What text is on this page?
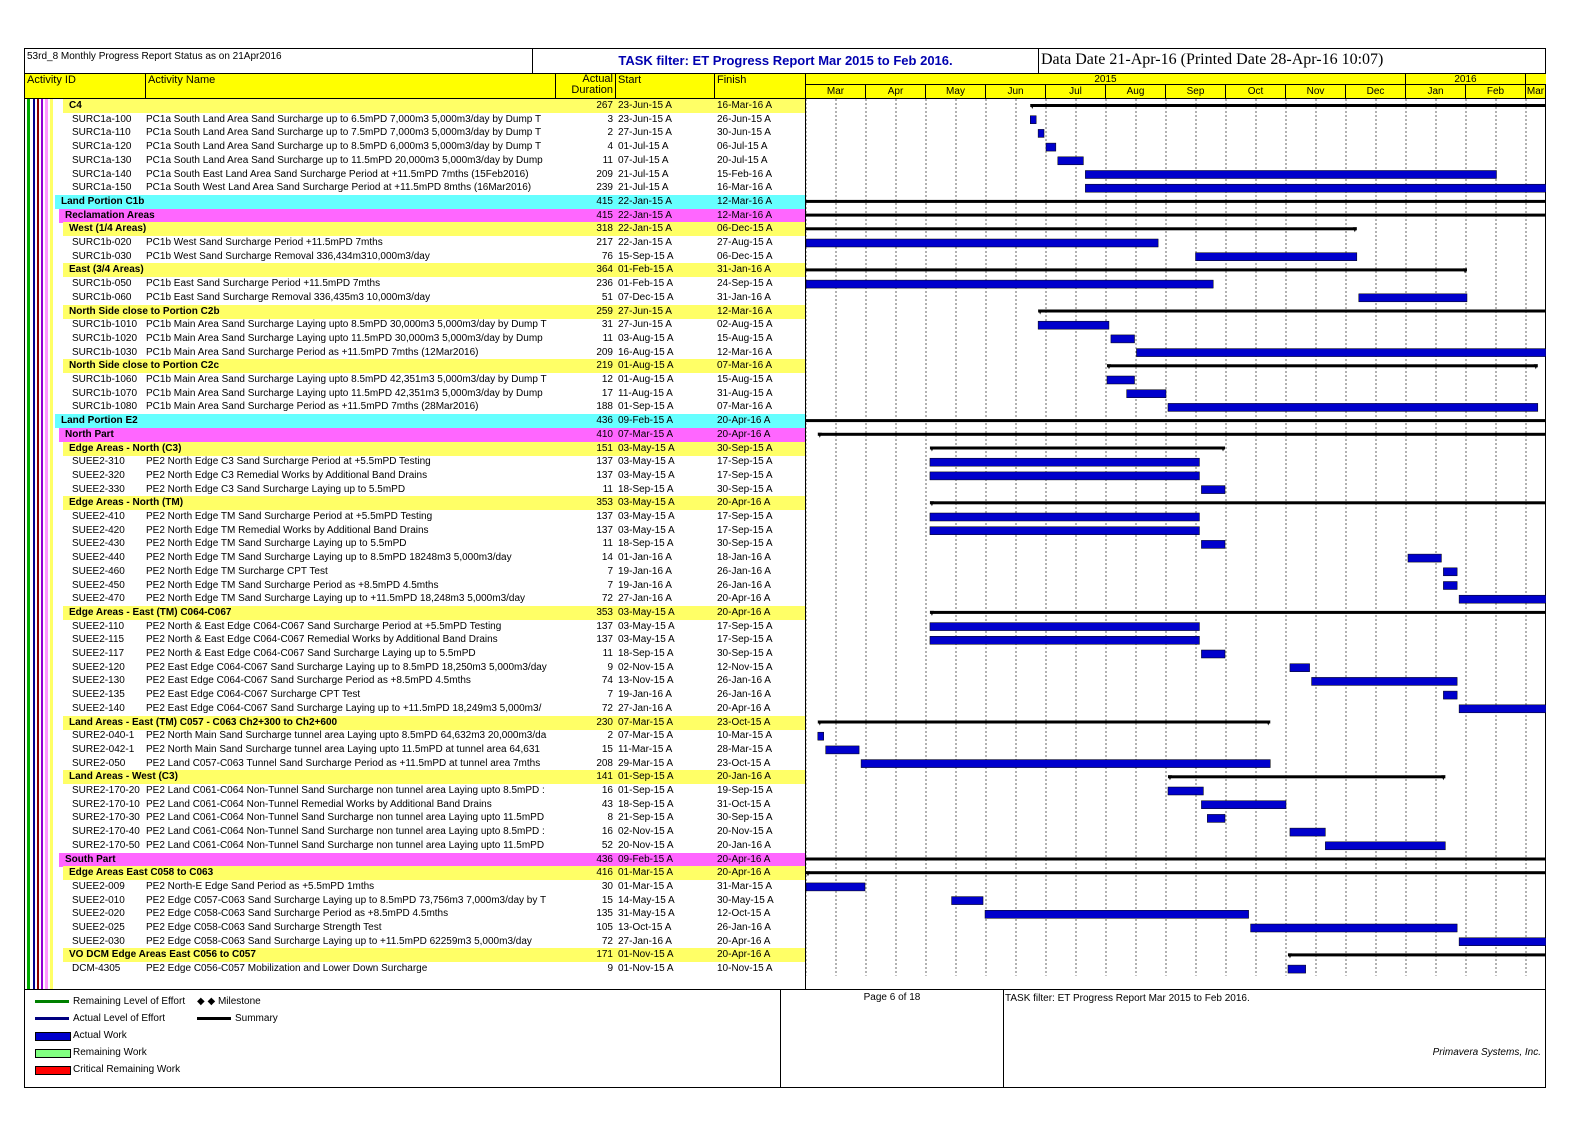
53rd_8 Monthly Progress Report Status as on 21Apr2016	TASK filter: ET Progress Report Mar 2015 to Feb 2016.	Data Date 21-Apr-16 (Printed Date 28-Apr-16 10:07)
Activity ID	Activity Name	Actual
Duration
Start	Finish	2015	2016
Mar	Apr	May	Jun	Jul	Aug	Sep	Oct	Nov	Dec	Jan	Feb	Mar
C4	267 23-Jun-15 A	16-Mar-16 A
SURC1a-100	PC1a South Land Area Sand Surcharge up to 6.5mPD 7,000m3 5,000m3/day by Dump T	3 23-Jun-15 A	26-Jun-15 A
SURC1a-110	PC1a South Land Area Sand Surcharge up to 7.5mPD 7,000m3 5,000m3/day by Dump T	2 27-Jun-15 A	30-Jun-15 A
SURC1a-120	PC1a South Land Area Sand Surcharge up to 8.5mPD 6,000m3 5,000m3/day by Dump T	4 01-Jul-15 A	06-Jul-15 A
SURC1a-130	PC1a South Land Area Sand Surcharge up to 11.5mPD 20,000m3 5,000m3/day by Dump	11 07-Jul-15 A	20-Jul-15 A
SURC1a-140	PC1a South East Land Area Sand Surcharge Period at +11.5mPD 7mths (15Feb2016)	209 21-Jul-15 A	15-Feb-16 A
SURC1a-150	PC1a South West Land Area Sand Surcharge Period at +11.5mPD 8mths (16Mar2016)	239 21-Jul-15 A	16-Mar-16 A
Land Portion C1b	415 22-Jan-15 A	12-Mar-16 A
Reclamation Areas	415 22-Jan-15 A	12-Mar-16 A
West (1/4 Areas)	318 22-Jan-15 A	06-Dec-15 A
SURC1b-020	PC1b West Sand Surcharge Period +11.5mPD 7mths	217 22-Jan-15 A	27-Aug-15 A
SURC1b-030	PC1b West Sand Surcharge Removal 336,434m310,000m3/day	76 15-Sep-15 A	06-Dec-15 A
East (3/4 Areas)	364 01-Feb-15 A	31-Jan-16 A
SURC1b-050	PC1b East Sand Surcharge Period +11.5mPD 7mths	236 01-Feb-15 A	24-Sep-15 A
SURC1b-060	PC1b East Sand Surcharge Removal 336,435m3 10,000m3/day	51 07-Dec-15 A	31-Jan-16 A
North Side close to Portion C2b	259 27-Jun-15 A	12-Mar-16 A
SURC1b-1010 PC1b Main Area Sand Surcharge Laying upto 8.5mPD 30,000m3 5,000m3/day by Dump T	31 27-Jun-15 A	02-Aug-15 A
SURC1b-1020 PC1b Main Area Sand Surcharge Laying upto 11.5mPD 30,000m3 5,000m3/day by Dump	11 03-Aug-15 A	15-Aug-15 A
SURC1b-1030 PC1b Main Area Sand Surcharge Period as +11.5mPD 7mths (12Mar2016)	209 16-Aug-15 A	12-Mar-16 A
North Side close to Portion C2c	219 01-Aug-15 A	07-Mar-16 A
SURC1b-1060 PC1b Main Area Sand Surcharge Laying upto 8.5mPD 42,351m3 5,000m3/day by Dump T	12 01-Aug-15 A	15-Aug-15 A
SURC1b-1070 PC1b Main Area Sand Surcharge Laying upto 11.5mPD 42,351m3 5,000m3/day by Dump	17 11-Aug-15 A	31-Aug-15 A
SURC1b-1080 PC1b Main Area Sand Surcharge Period as +11.5mPD 7mths (28Mar2016)	188 01-Sep-15 A	07-Mar-16 A
Land Portion E2	436 09-Feb-15 A	20-Apr-16 A
North Part	410 07-Mar-15 A	20-Apr-16 A
Edge Areas - North (C3)	151 03-May-15 A	30-Sep-15 A
SUEE2-310	PE2 North Edge C3 Sand Surcharge Period at +5.5mPD Testing	137 03-May-15 A	17-Sep-15 A
SUEE2-320	PE2 North Edge C3 Remedial Works by Additional Band Drains	137 03-May-15 A	17-Sep-15 A
SUEE2-330	PE2 North Edge C3 Sand Surcharge Laying up to 5.5mPD	11 18-Sep-15 A	30-Sep-15 A
Edge Areas - North (TM)	353 03-May-15 A	20-Apr-16 A
SUEE2-410	PE2 North Edge TM Sand Surcharge Period at +5.5mPD Testing	137 03-May-15 A	17-Sep-15 A
SUEE2-420	PE2 North Edge TM Remedial Works by Additional Band Drains	137 03-May-15 A	17-Sep-15 A
SUEE2-430	PE2 North Edge TM Sand Surcharge Laying up to 5.5mPD	11 18-Sep-15 A	30-Sep-15 A
SUEE2-440	PE2 North Edge TM Sand Surcharge Laying up to 8.5mPD 18248m3 5,000m3/day	14 01-Jan-16 A	18-Jan-16 A
SUEE2-460	PE2 North Edge TM Surcharge CPT Test	7 19-Jan-16 A	26-Jan-16 A
SUEE2-450	PE2 North Edge TM Sand Surcharge Period as +8.5mPD 4.5mths	7 19-Jan-16 A	26-Jan-16 A
SUEE2-470	PE2 North Edge TM Sand Surcharge Laying up to +11.5mPD 18,248m3 5,000m3/day	72 27-Jan-16 A	20-Apr-16 A
Edge Areas - East (TM) C064-C067	353 03-May-15 A	20-Apr-16 A
SUEE2-110	PE2 North & East Edge C064-C067 Sand Surcharge Period at +5.5mPD Testing	137 03-May-15 A	17-Sep-15 A
SUEE2-115	PE2 North & East Edge C064-C067 Remedial Works by Additional Band Drains	137 03-May-15 A	17-Sep-15 A
SUEE2-117	PE2 North & East Edge C064-C067 Sand Surcharge Laying up to 5.5mPD	11 18-Sep-15 A	30-Sep-15 A
SUEE2-120	PE2 East Edge C064-C067 Sand Surcharge Laying up to 8.5mPD 18,250m3 5,000m3/day	9 02-Nov-15 A	12-Nov-15 A
SUEE2-130	PE2 East Edge C064-C067 Sand Surcharge Period as +8.5mPD 4.5mths	74 13-Nov-15 A	26-Jan-16 A
SUEE2-135	PE2 East Edge C064-C067 Surcharge CPT Test	7 19-Jan-16 A	26-Jan-16 A
SUEE2-140	PE2 East Edge C064-C067 Sand Surcharge Laying up to +11.5mPD 18,249m3 5,000m3/	72 27-Jan-16 A	20-Apr-16 A
Land Areas - East (TM) C057 - C063 Ch2+300 to Ch2+600	230 07-Mar-15 A	23-Oct-15 A
SURE2-040-1	PE2 North Main Sand Surcharge tunnel area Laying upto 8.5mPD 64,632m3 20,000m3/da	2 07-Mar-15 A	10-Mar-15 A
SURE2-042-1	PE2 North Main Sand Surcharge tunnel area Laying upto 11.5mPD at tunnel area 64,631	15 11-Mar-15 A	28-Mar-15 A
SURE2-050	PE2 Land C057-C063 Tunnel Sand Surcharge Period as +11.5mPD at tunnel area 7mths	208 29-Mar-15 A	23-Oct-15 A
Land Areas - West (C3)	141 01-Sep-15 A	20-Jan-16 A
SURE2-170-20 PE2 Land C061-C064 Non-Tunnel Sand Surcharge non tunnel area Laying upto 8.5mPD :	16 01-Sep-15 A	19-Sep-15 A
SURE2-170-10 PE2 Land C061-C064 Non-Tunnel Remedial Works by Additional Band Drains	43 18-Sep-15 A	31-Oct-15 A
SURE2-170-30 PE2 Land C061-C064 Non-Tunnel Sand Surcharge non tunnel area Laying upto 11.5mPD	8 21-Sep-15 A	30-Sep-15 A
SURE2-170-40 PE2 Land C061-C064 Non-Tunnel Sand Surcharge non tunnel area Laying upto 8.5mPD :	16 02-Nov-15 A	20-Nov-15 A
SURE2-170-50 PE2 Land C061-C064 Non-Tunnel Sand Surcharge non tunnel area Laying upto 11.5mPD	52 20-Nov-15 A	20-Jan-16 A
South Part	436 09-Feb-15 A	20-Apr-16 A
Edge Areas East C058 to C063	416 01-Mar-15 A	20-Apr-16 A
SUEE2-009	PE2 North-E Edge Sand Period as +5.5mPD 1mths	30 01-Mar-15 A	31-Mar-15 A
SUEE2-010	PE2 Edge C057-C063 Sand Surcharge Laying up to 8.5mPD 73,756m3 7,000m3/day by T	15 14-May-15 A	30-May-15 A
SUEE2-020	PE2 Edge C058-C063 Sand Surcharge Period as +8.5mPD 4.5mths	135 31-May-15 A	12-Oct-15 A
SUEE2-025	PE2 Edge C058-C063 Sand Surcharge Strength Test	105 13-Oct-15 A	26-Jan-16 A
SUEE2-030	PE2 Edge C058-C063 Sand Surcharge Laying up to +11.5mPD 62259m3 5,000m3/day	72 27-Jan-16 A	20-Apr-16 A
VO DCM Edge Areas East C056 to C057	171 01-Nov-15 A	20-Apr-16 A
DCM-4305	PE2 Edge C056-C057 Mobilization and Lower Down Surcharge	9 01-Nov-15 A	10-Nov-15 A
Remaining Level of Effort
Actual Level of Effort
Actual Work
Remaining Work
Critical Remaining Work
◆ ◆ Milestone
Summary
Page 6 of 18	TASK filter: ET Progress Report Mar 2015 to Feb 2016.
Primavera Systems, Inc.
